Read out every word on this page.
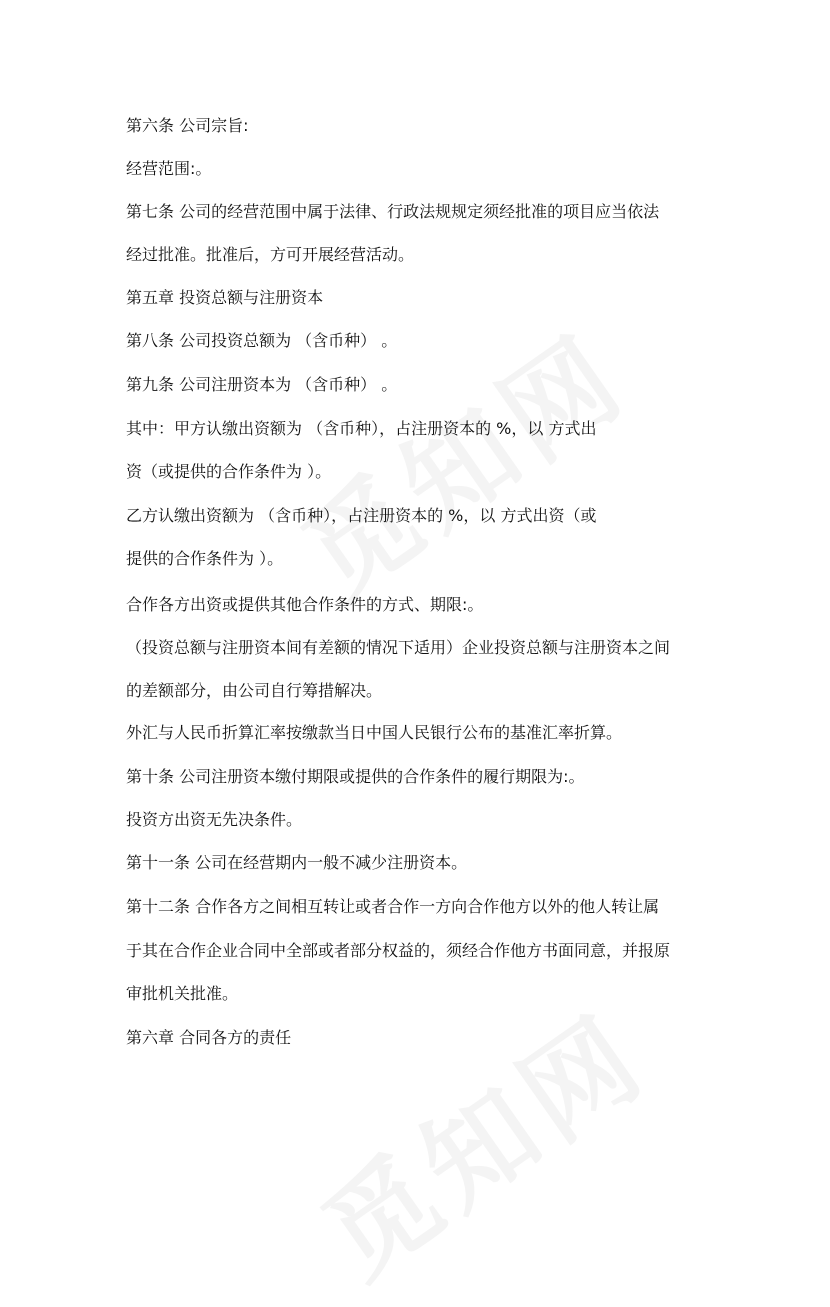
第六条 公司宗旨:

经营范围:。

第七条 公司的经营范围中属于法律、行政法规规定须经批准的项目应当依法

经过批准。批准后，方可开展经营活动。

第五章 投资总额与注册资本

第八条 公司投资总额为 （含币种） 。

第九条 公司注册资本为 （含币种） 。

其中：甲方认缴出资额为 （含币种），占注册资本的 %，以 方式出

资（或提供的合作条件为 ）。

乙方认缴出资额为 （含币种），占注册资本的 %，以 方式出资（或

提供的合作条件为 ）。

合作各方出资或提供其他合作条件的方式、期限:。

（投资总额与注册资本间有差额的情况下适用）企业投资总额与注册资本之间

的差额部分，由公司自行筹措解决。

外汇与人民币折算汇率按缴款当日中国人民银行公布的基准汇率折算。

第十条 公司注册资本缴付期限或提供的合作条件的履行期限为:。

投资方出资无先决条件。

第十一条 公司在经营期内一般不减少注册资本。

第十二条 合作各方之间相互转让或者合作一方向合作他方以外的他人转让属

于其在合作企业合同中全部或者部分权益的，须经合作他方书面同意，并报原

审批机关批准。

第六章 合同各方的责任
